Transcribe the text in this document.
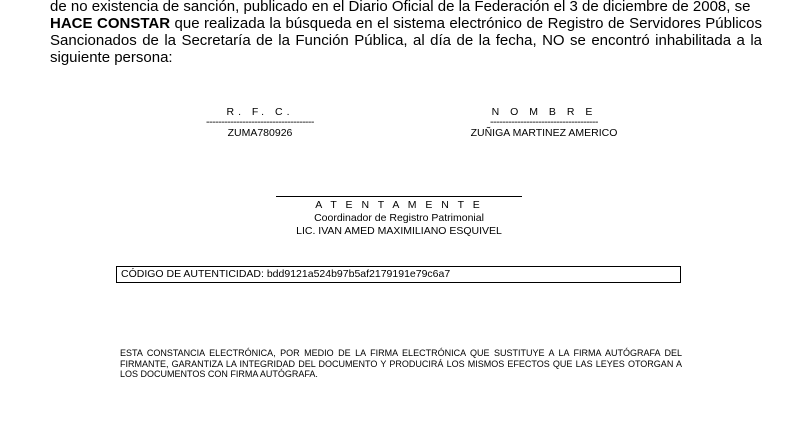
de no existencia de sanción, publicado en el Diario Oficial de la Federación el 3 de diciembre de 2008, se
HACE CONSTAR que realizada la búsqueda en el sistema electrónico de Registro de Servidores Públicos Sancionados de la Secretaría de la Función Pública, al día de la fecha, NO se encontró inhabilitada a la siguiente persona:
R. F. C.
------------------------------------
ZUMA780926
N O M B R E
------------------------------------
ZUÑIGA MARTINEZ AMERICO
A T E N T A M E N T E
Coordinador de Registro Patrimonial
LIC. IVAN AMED MAXIMILIANO ESQUIVEL
CÓDIGO DE AUTENTICIDAD: bdd9121a524b97b5af2179191e79c6a7
ESTA CONSTANCIA ELECTRÓNICA, POR MEDIO DE LA FIRMA ELECTRÓNICA QUE SUSTITUYE A LA FIRMA AUTÓGRAFA DEL FIRMANTE, GARANTIZA LA INTEGRIDAD DEL DOCUMENTO Y PRODUCIRÁ LOS MISMOS EFECTOS QUE LAS LEYES OTORGAN A LOS DOCUMENTOS CON FIRMA AUTÓGRAFA.
